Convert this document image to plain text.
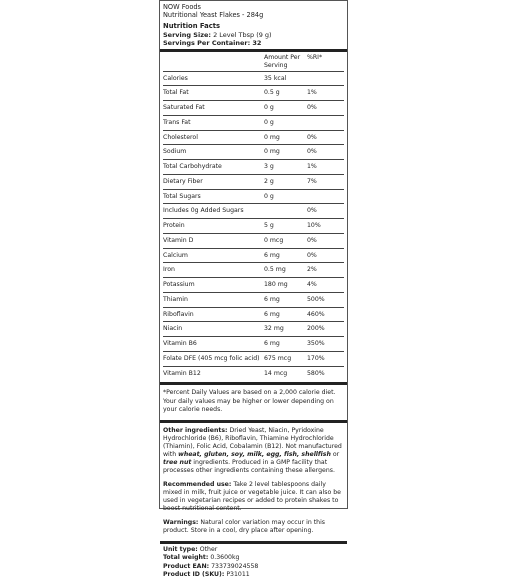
NOW Foods
Nutritional Yeast Flakes - 284g
Nutrition Facts
Serving Size: 2 Level Tbsp (9 g)
Servings Per Container: 32
	Amount Per Serving	%RI*
Calories	35 kcal	
Total Fat	0.5 g	1%
Saturated Fat	0 g	0%
Trans Fat	0 g	
Cholesterol	0 mg	0%
Sodium	0 mg	0%
Total Carbohydrate	3 g	1%
Dietary Fiber	2 g	7%
Total Sugars	0 g	
Includes 0g Added Sugars		0%
Protein	5 g	10%
Vitamin D	0 mcg	0%
Calcium	6 mg	0%
Iron	0.5 mg	2%
Potassium	180 mg	4%
Thiamin	6 mg	500%
Riboflavin	6 mg	460%
Niacin	32 mg	200%
Vitamin B6	6 mg	350%
Folate DFE (405 mcg folic acid)	675 mcg	170%
Vitamin B12	14 mcg	580%
*Percent Daily Values are based on a 2,000 calorie diet. Your daily values may be higher or lower depending on your calorie needs.
Other ingredients: Dried Yeast, Niacin, Pyridoxine Hydrochloride (B6), Riboflavin, Thiamine Hydrochloride (Thiamin), Folic Acid, Cobalamin (B12). Not manufactured with wheat, gluten, soy, milk, egg, fish, shellfish or tree nut ingredients. Produced in a GMP facility that processes other ingredients containing these allergens.
Recommended use: Take 2 level tablespoons daily mixed in milk, fruit juice or vegetable juice. It can also be used in vegetarian recipes or added to protein shakes to boost nutritional content.
Warnings: Natural color variation may occur in this product. Store in a cool, dry place after opening.
Unit type: Other
Total weight: 0.3600kg
Product EAN: 733739024558
Product ID (SKU): P31011
